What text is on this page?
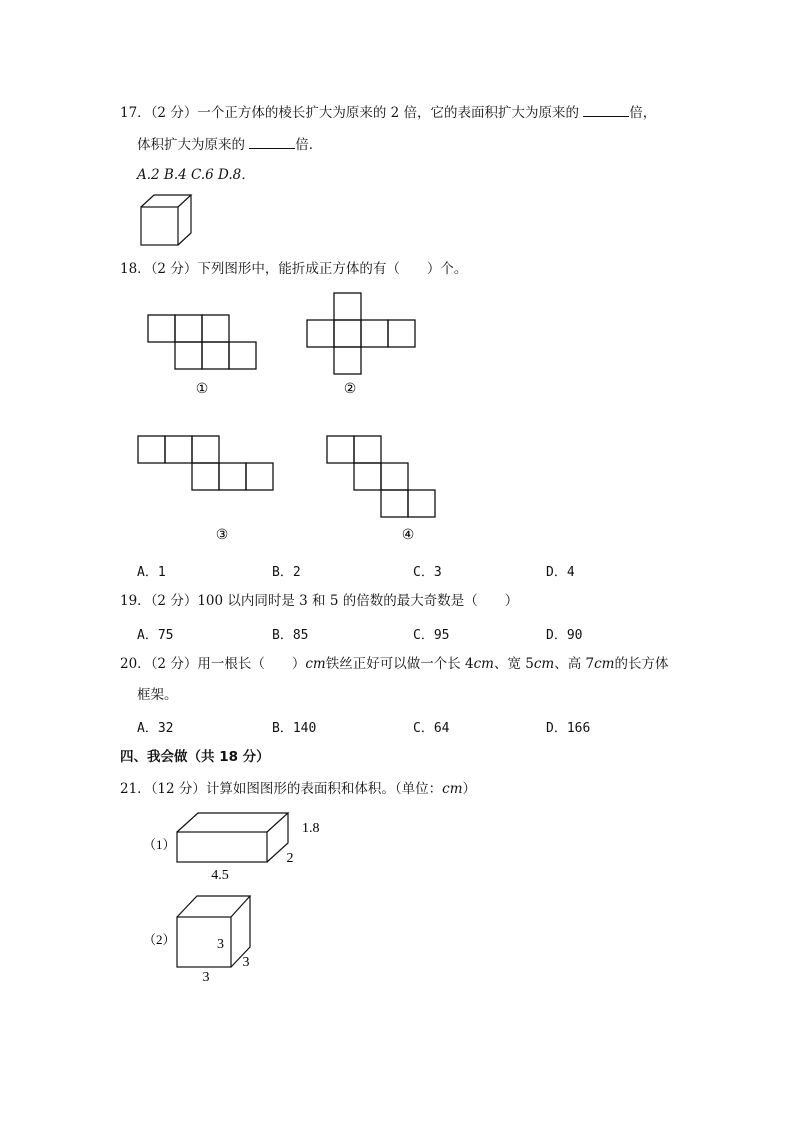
17．（2 分）一个正方体的棱长扩大为原来的 2 倍，它的表面积扩大为原来的	倍，
体积扩大为原来的	倍．
A.2 B.4 C.6 D.8．
18．（2 分）下列图形中，能折成正方体的有（　　）个。
①	②
③	④
A．1	B．2	C．3	D．4
19．（2 分）100 以内同时是 3 和 5 的倍数的最大奇数是（　　）
A．75	B．85	C．95	D．90
20．（2 分）用一根长（　　）cm铁丝正好可以做一个长 4cm、宽 5cm、高 7cm的长方体
框架。
A．32	B．140	C．64	D．166
四、我会做（共 18 分）
21．（12 分）计算如图图形的表面积和体积。（单位：cm）
（1）
4.5
2
1.8
（2）
3
3
3
